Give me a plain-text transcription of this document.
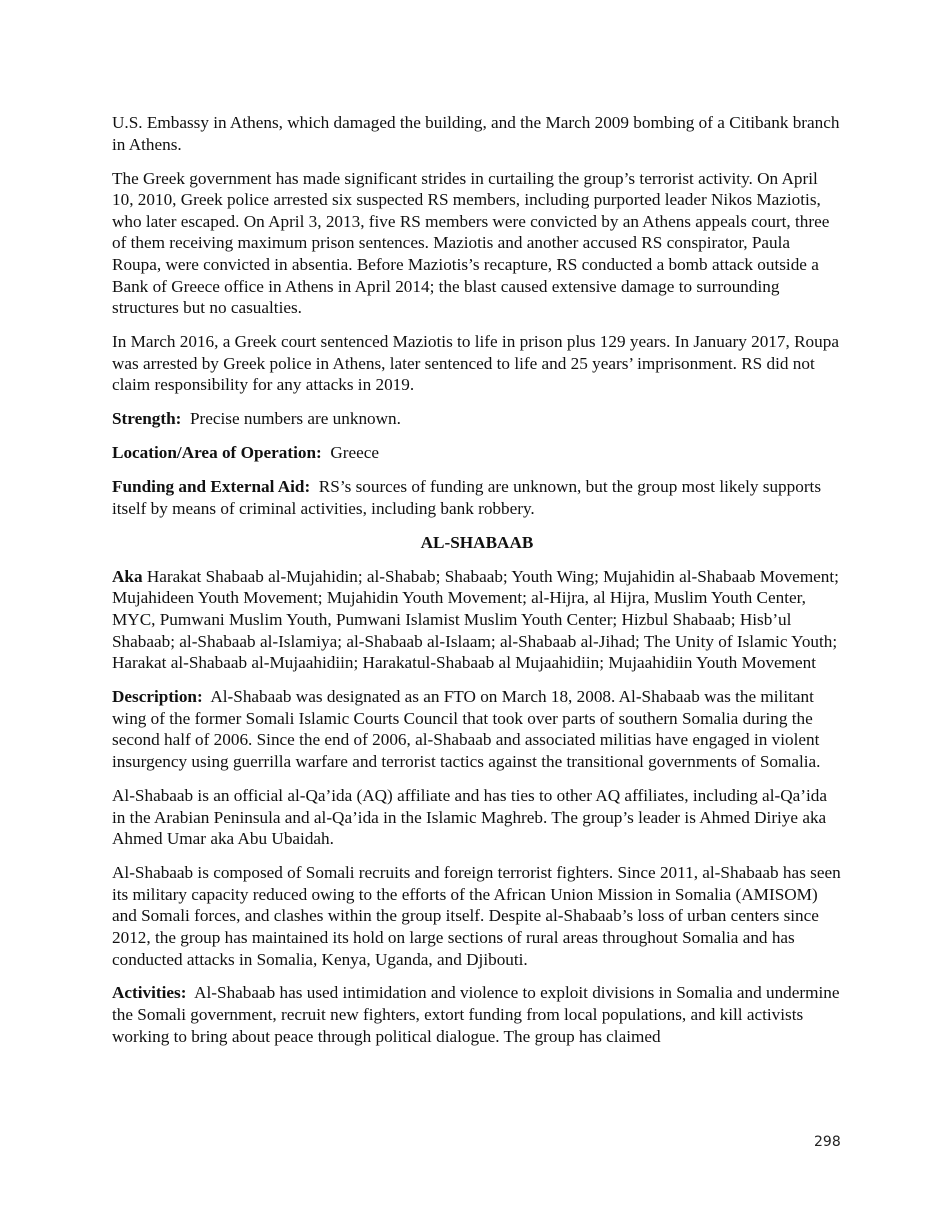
U.S. Embassy in Athens, which damaged the building, and the March 2009 bombing of a Citibank branch in Athens.

The Greek government has made significant strides in curtailing the group’s terrorist activity. On April 10, 2010, Greek police arrested six suspected RS members, including purported leader Nikos Maziotis, who later escaped. On April 3, 2013, five RS members were convicted by an Athens appeals court, three of them receiving maximum prison sentences. Maziotis and another accused RS conspirator, Paula Roupa, were convicted in absentia. Before Maziotis’s recapture, RS conducted a bomb attack outside a Bank of Greece office in Athens in April 2014; the blast caused extensive damage to surrounding structures but no casualties.

In March 2016, a Greek court sentenced Maziotis to life in prison plus 129 years. In January 2017, Roupa was arrested by Greek police in Athens, later sentenced to life and 25 years’ imprisonment. RS did not claim responsibility for any attacks in 2019.

Strength: Precise numbers are unknown.

Location/Area of Operation: Greece

Funding and External Aid: RS’s sources of funding are unknown, but the group most likely supports itself by means of criminal activities, including bank robbery.

AL-SHABAAB

Aka Harakat Shabaab al-Mujahidin; al-Shabab; Shabaab; Youth Wing; Mujahidin al-Shabaab Movement; Mujahideen Youth Movement; Mujahidin Youth Movement; al-Hijra, al Hijra, Muslim Youth Center, MYC, Pumwani Muslim Youth, Pumwani Islamist Muslim Youth Center; Hizbul Shabaab; Hisb’ul Shabaab; al-Shabaab al-Islamiya; al-Shabaab al-Islaam; al-Shabaab al-Jihad; The Unity of Islamic Youth; Harakat al-Shabaab al-Mujaahidiin; Harakatul-Shabaab al Mujaahidiin; Mujaahidiin Youth Movement

Description: Al-Shabaab was designated as an FTO on March 18, 2008. Al-Shabaab was the militant wing of the former Somali Islamic Courts Council that took over parts of southern Somalia during the second half of 2006. Since the end of 2006, al-Shabaab and associated militias have engaged in violent insurgency using guerrilla warfare and terrorist tactics against the transitional governments of Somalia.

Al-Shabaab is an official al-Qa’ida (AQ) affiliate and has ties to other AQ affiliates, including al-Qa’ida in the Arabian Peninsula and al-Qa’ida in the Islamic Maghreb. The group’s leader is Ahmed Diriye aka Ahmed Umar aka Abu Ubaidah.

Al-Shabaab is composed of Somali recruits and foreign terrorist fighters. Since 2011, al-Shabaab has seen its military capacity reduced owing to the efforts of the African Union Mission in Somalia (AMISOM) and Somali forces, and clashes within the group itself. Despite al-Shabaab’s loss of urban centers since 2012, the group has maintained its hold on large sections of rural areas throughout Somalia and has conducted attacks in Somalia, Kenya, Uganda, and Djibouti.

Activities: Al-Shabaab has used intimidation and violence to exploit divisions in Somalia and undermine the Somali government, recruit new fighters, extort funding from local populations, and kill activists working to bring about peace through political dialogue. The group has claimed

298
